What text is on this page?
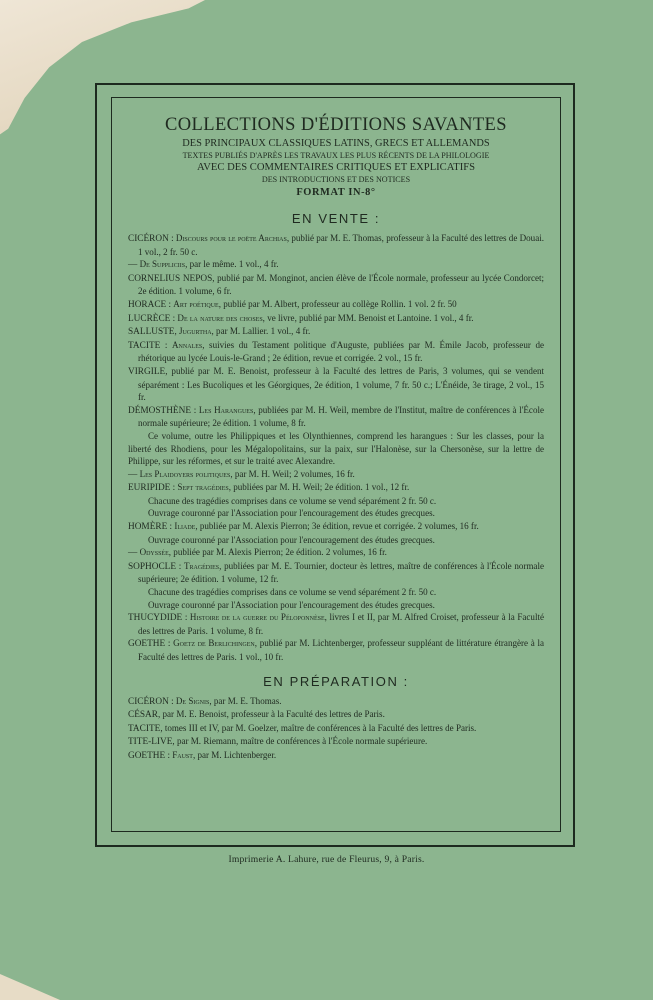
COLLECTIONS D'ÉDITIONS SAVANTES
DES PRINCIPAUX CLASSIQUES LATINS, GRECS ET ALLEMANDS
TEXTES PUBLIÉS D'APRÈS LES TRAVAUX LES PLUS RÉCENTS DE LA PHILOLOGIE
AVEC DES COMMENTAIRES CRITIQUES ET EXPLICATIFS
DES INTRODUCTIONS ET DES NOTICES
FORMAT IN-8°
EN VENTE :
CICÉRON : Discours pour le poëte Archias, publié par M. E. Thomas, professeur à la Faculté des lettres de Douai. 1 vol., 2 fr. 50 c.
— De Suppliciis, par le même. 1 vol., 4 fr.
CORNELIUS NEPOS, publié par M. Monginot, ancien élève de l'École normale, professeur au lycée Condorcet; 2e édition. 1 volume, 6 fr.
HORACE : Art poétique, publié par M. Albert, professeur au collège Rollin. 1 vol. 2 fr. 50
LUCRÈCE : De la nature des choses, ve livre, publié par MM. Benoist et Lantoine. 1 vol., 4 fr.
SALLUSTE, Jugurtha, par M. Lallier. 1 vol., 4 fr.
TACITE : Annales, suivies du Testament politique d'Auguste, publiées par M. Émile Jacob, professeur de rhétorique au lycée Louis-le-Grand ; 2e édition, revue et corrigée. 2 vol., 15 fr.
VIRGILE, publié par M. E. Benoist, professeur à la Faculté des lettres de Paris, 3 volumes, qui se vendent séparément : Les Bucoliques et les Géorgiques, 2e édition, 1 volume, 7 fr. 50 c.; L'Énéide, 3e tirage, 2 vol., 15 fr.
DÉMOSTHÈNE : Les Harangues, publiées par M. H. Weil, membre de l'Institut, maître de conférences à l'École normale supérieure; 2e édition. 1 volume, 8 fr.
Ce volume, outre les Philippiques et les Olynthiennes, comprend les harangues : Sur les classes, pour la liberté des Rhodiens, pour les Mégalopolitains, sur la paix, sur l'Halonèse, sur la Chersonèse, sur la lettre de Philippe, sur les réformes, et sur le traité avec Alexandre.
— Les Plaidoyers politiques, par M. H. Weil; 2 volumes, 16 fr.
EURIPIDE : Sept tragédies, publiées par M. H. Weil; 2e édition. 1 vol., 12 fr.
Chacune des tragédies comprises dans ce volume se vend séparément 2 fr. 50 c.
Ouvrage couronné par l'Association pour l'encouragement des études grecques.
HOMÈRE : Iliade, publiée par M. Alexis Pierron; 3e édition, revue et corrigée. 2 volumes, 16 fr.
Ouvrage couronné par l'Association pour l'encouragement des études grecques.
— Odyssée, publiée par M. Alexis Pierron; 2e édition. 2 volumes, 16 fr.
SOPHOCLE : Tragédies, publiées par M. E. Tournier, docteur ès lettres, maître de conférences à l'École normale supérieure; 2e édition. 1 volume, 12 fr.
Chacune des tragédies comprises dans ce volume se vend séparément 2 fr. 50 c.
Ouvrage couronné par l'Association pour l'encouragement des études grecques.
THUCYDIDE : Histoire de la guerre du Péloponnèse, livres I et II, par M. Alfred Croiset, professeur à la Faculté des lettres de Paris. 1 volume, 8 fr.
GOETHE : Goetz de Berlichingen, publié par M. Lichtenberger, professeur suppléant de littérature étrangère à la Faculté des lettres de Paris. 1 vol., 10 fr.
EN PRÉPARATION :
CICÉRON : De Signis, par M. E. Thomas.
CÉSAR, par M. E. Benoist, professeur à la Faculté des lettres de Paris.
TACITE, tomes III et IV, par M. Goelzer, maître de conférences à la Faculté des lettres de Paris.
TITE-LIVE, par M. Riemann, maître de conférences à l'École normale supérieure.
GOETHE : Faust, par M. Lichtenberger.
Imprimerie A. Lahure, rue de Fleurus, 9, à Paris.
